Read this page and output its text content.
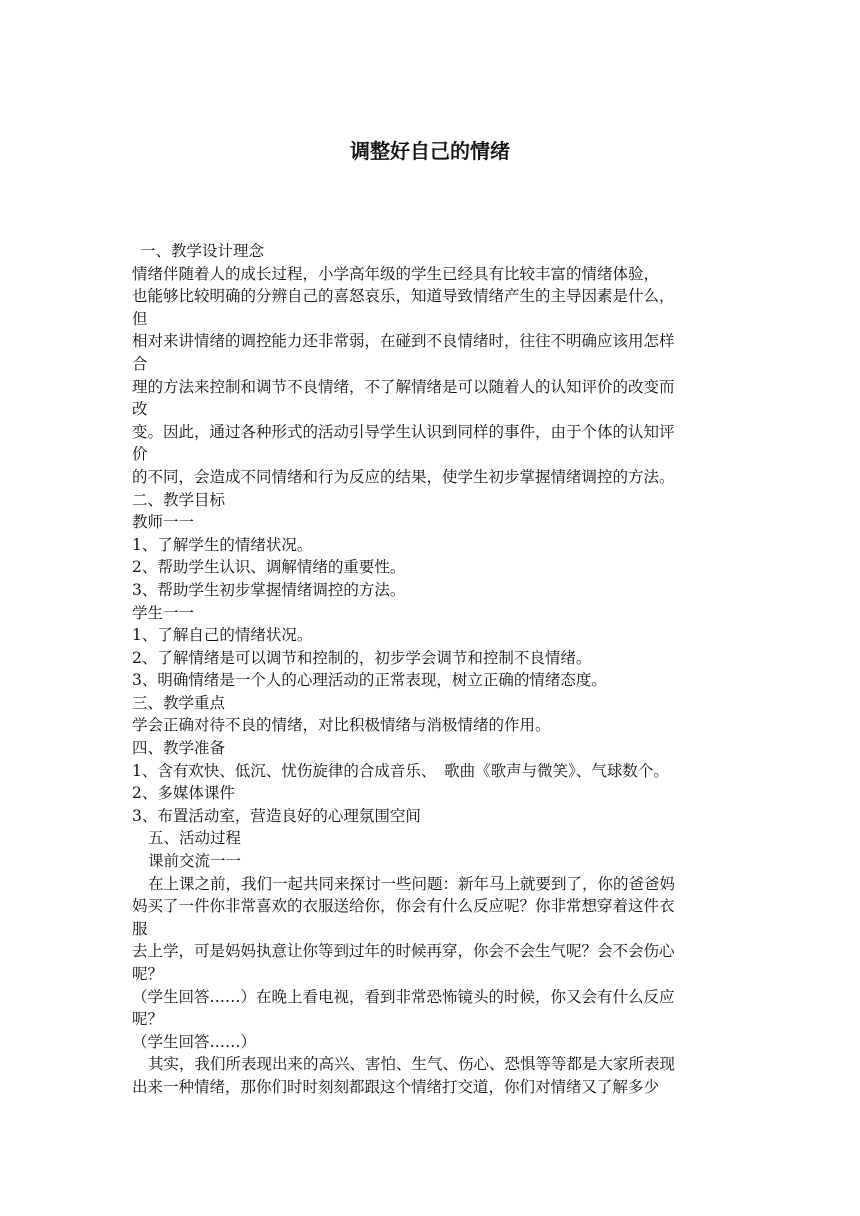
调整好自己的情绪
一、教学设计理念
情绪伴随着人的成长过程，小学高年级的学生已经具有比较丰富的情绪体验，
也能够比较明确的分辨自己的喜怒哀乐，知道导致情绪产生的主导因素是什么，
但
相对来讲情绪的调控能力还非常弱，在碰到不良情绪时，往往不明确应该用怎样
合
理的方法来控制和调节不良情绪，不了解情绪是可以随着人的认知评价的改变而
改
变。因此，通过各种形式的活动引导学生认识到同样的事件，由于个体的认知评
价
的不同，会造成不同情绪和行为反应的结果，使学生初步掌握情绪调控的方法。
二、教学目标
教师一一
1、了解学生的情绪状况。
2、帮助学生认识、调解情绪的重要性。
3、帮助学生初步掌握情绪调控的方法。
学生一一
1、了解自己的情绪状况。
2、了解情绪是可以调节和控制的，初步学会调节和控制不良情绪。
3、明确情绪是一个人的心理活动的正常表现，树立正确的情绪态度。
三、教学重点
学会正确对待不良的情绪，对比积极情绪与消极情绪的作用。
四、教学准备
1、含有欢快、低沉、忧伤旋律的合成音乐、　歌曲《歌声与微笑》、气球数个。
2、多媒体课件
3、布置活动室，营造良好的心理氛围空间
五、活动过程
课前交流一一
在上课之前，我们一起共同来探讨一些问题：新年马上就要到了，你的爸爸妈
妈买了一件你非常喜欢的衣服送给你，你会有什么反应呢？你非常想穿着这件衣
服
去上学，可是妈妈执意让你等到过年的时候再穿，你会不会生气呢？会不会伤心
呢？
（学生回答……）在晚上看电视，看到非常恐怖镜头的时候，你又会有什么反应
呢？
（学生回答……）
其实，我们所表现出来的高兴、害怕、生气、伤心、恐惧等等都是大家所表现
出来一种情绪，那你们时时刻刻都跟这个情绪打交道，你们对情绪又了解多少
